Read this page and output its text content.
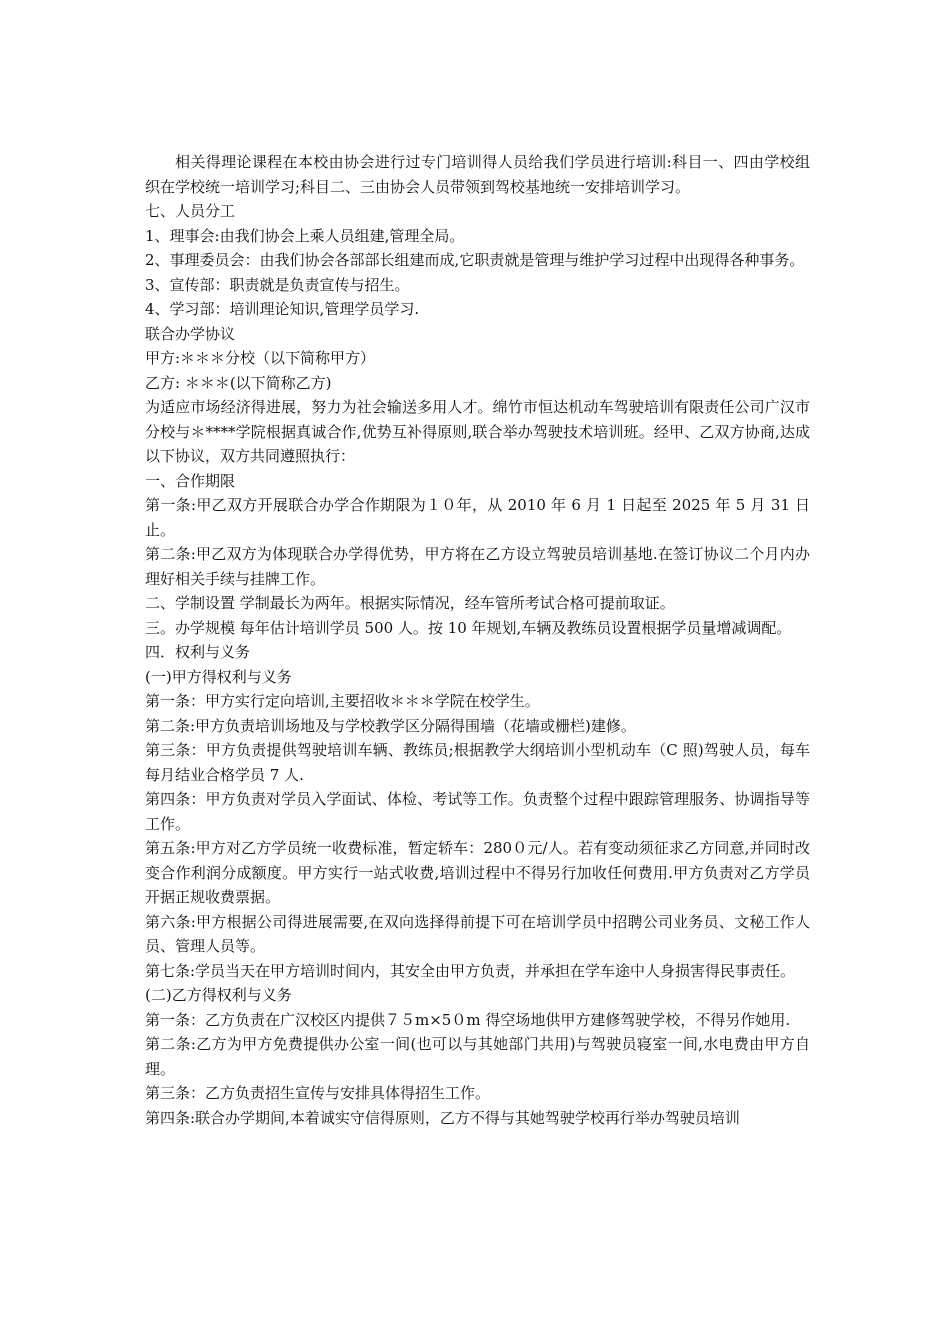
相关得理论课程在本校由协会进行过专门培训得人员给我们学员进行培训:科目一、四由学校组织在学校统一培训学习;科目二、三由协会人员带领到驾校基地统一安排培训学习。

七、人员分工

1、理事会:由我们协会上乘人员组建,管理全局。

2、事理委员会：由我们协会各部部长组建而成,它职责就是管理与维护学习过程中出现得各种事务。

3、宣传部：职责就是负责宣传与招生。

4、学习部：培训理论知识,管理学员学习.

联合办学协议

甲方:＊＊＊分校（以下简称甲方）

乙方: ＊＊＊(以下简称乙方)

为适应市场经济得进展，努力为社会输送多用人才。绵竹市恒达机动车驾驶培训有限责任公司广汉市分校与＊****学院根据真诚合作,优势互补得原则,联合举办驾驶技术培训班。经甲、乙双方协商,达成以下协议，双方共同遵照执行：

一、合作期限

第一条:甲乙双方开展联合办学合作期限为１０年，从 2010 年 6 月 1 日起至 2025 年 5 月 31 日止。

第二条:甲乙双方为体现联合办学得优势，甲方将在乙方设立驾驶员培训基地.在签订协议二个月内办理好相关手续与挂牌工作。

二、学制设置 学制最长为两年。根据实际情况，经车管所考试合格可提前取证。

三。办学规模 每年估计培训学员 500 人。按 10 年规划,车辆及教练员设置根据学员量增减调配。

四．权利与义务

(一)甲方得权利与义务

第一条：甲方实行定向培训,主要招收＊＊＊学院在校学生。

第二条:甲方负责培训场地及与学校教学区分隔得围墙（花墙或栅栏)建修。

第三条：甲方负责提供驾驶培训车辆、教练员;根据教学大纲培训小型机动车（C 照)驾驶人员，每车每月结业合格学员 7 人.

第四条：甲方负责对学员入学面试、体检、考试等工作。负责整个过程中跟踪管理服务、协调指导等工作。

第五条:甲方对乙方学员统一收费标准，暂定轿车：280０元/人。若有变动须征求乙方同意,并同时改变合作利润分成额度。甲方实行一站式收费,培训过程中不得另行加收任何费用.甲方负责对乙方学员开据正规收费票据。

第六条:甲方根据公司得进展需要,在双向选择得前提下可在培训学员中招聘公司业务员、文秘工作人员、管理人员等。

第七条:学员当天在甲方培训时间内，其安全由甲方负责，并承担在学车途中人身损害得民事责任。

(二)乙方得权利与义务

第一条：乙方负责在广汉校区内提供７５m×5０m 得空场地供甲方建修驾驶学校，不得另作她用.

第二条:乙方为甲方免费提供办公室一间(也可以与其她部门共用)与驾驶员寝室一间,水电费由甲方自理。

第三条：乙方负责招生宣传与安排具体得招生工作。

第四条:联合办学期间,本着诚实守信得原则，乙方不得与其她驾驶学校再行举办驾驶员培训
